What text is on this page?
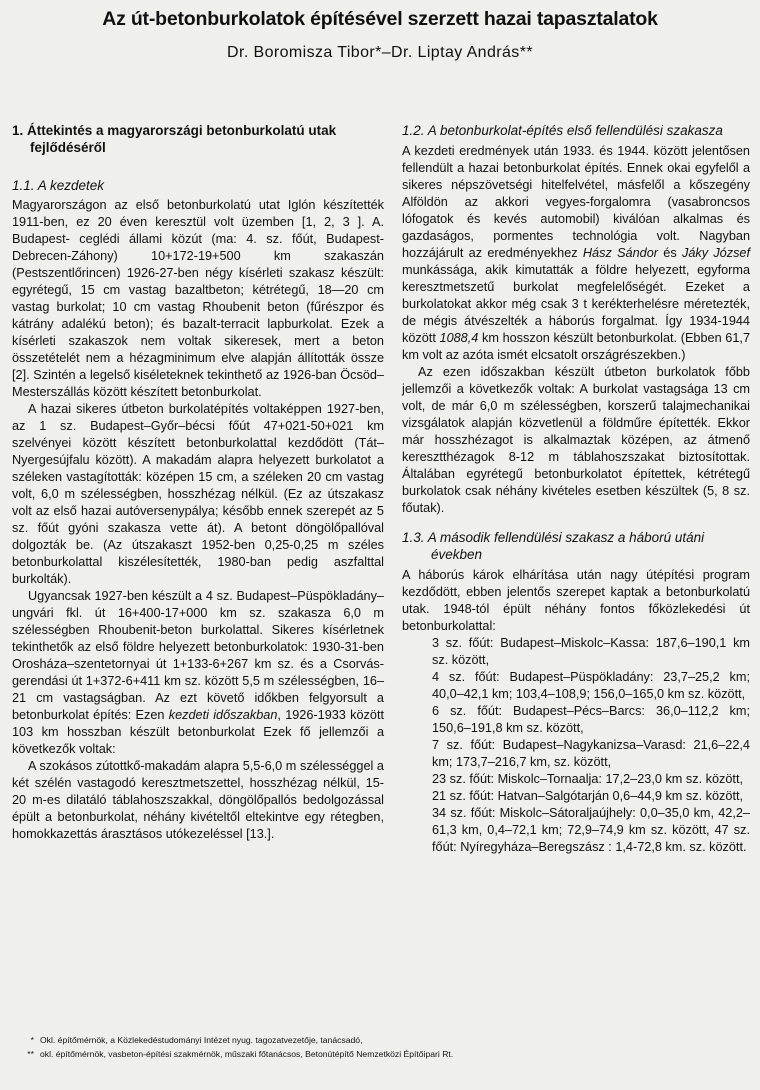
Az út-betonburkolatok építésével szerzett hazai tapasztalatok
Dr. Boromisza Tibor*–Dr. Liptay András**
1. Áttekintés a magyarországi betonburkolatú utak fejlődéséről
1.1. A kezdetek

Magyarországon az első betonburkolatú utat Iglón készítették 1911-ben, ez 20 éven keresztül volt üzemben [1, 2, 3 ]. A. Budapest- ceglédi állami közút (ma: 4. sz. főút, Budapest-Debrecen-Záhony) 10+172-19+500 km szakaszán (Pestszentlőrincen) 1926-27-ben négy kísérleti szakasz készült: egyrétegű, 15 cm vastag bazaltbeton; kétrétegű, 18—20 cm vastag burkolat; 10 cm vastag Rhoubenit beton (fűrészpor és kátrány adalékú beton); és bazalt-terracit lapburkolat. Ezek a kísérleti szakaszok nem voltak sikeresek, mert a beton összetételét nem a hézagminimum elve alapján állították össze [2]. Szintén a legelső kiséleteknek tekinthető az 1926-ban Öcsöd–Mesterszállás között készített betonburkolat.

A hazai sikeres útbeton burkolatépítés voltaképpen 1927-ben, az 1 sz. Budapest–Győr–bécsi főút 47+021-50+021 km szelvényei között készített betonburkolattal kezdődött (Tát–Nyergesújfalu között). A makadám alapra helyezett burkolatot a széleken vastagították: középen 15 cm, a széleken 20 cm vastag volt, 6,0 m szélességben, hosszhézag nélkül. (Ez az útszakasz volt az első hazai autóversenypálya; később ennek szerepét az 5 sz. főút gyóni szakasza vette át). A betont döngölőpallóval dolgozták be. (Az útszakaszt 1952-ben 0,25-0,25 m széles betonburkolattal kiszélesítették, 1980-ban pedig aszfalttal burkolták).

Ugyancsak 1927-ben készült a 4 sz. Budapest–Püspökladány–ungvári fkl. út 16+400-17+000 km sz. szakasza 6,0 m szélességben Rhoubenit-beton burkolattal. Sikeres kísérletnek tekinthetők az első földre helyezett betonburkolatok: 1930-31-ben Orosháza–szentetornyai út 1+133-6+267 km sz. és a Csorvás-gerendási út 1+372-6+411 km sz. között 5,5 m szélességben, 16–21 cm vastagságban. Az ezt követő időkben felgyorsult a betonburkolat építés: Ezen kezdeti időszakban, 1926-1933 között 103 km hosszban készült betonburkolat Ezek fő jellemzői a következők voltak:

A szokásos zútottkő-makadám alapra 5,5-6,0 m szélességgel a két szélén vastagodó keresztmetszettel, hosszhézag nélkül, 15-20 m-es dilatáló táblahoszszakkal, döngölőpallós bedolgozással épült a betonburkolat, néhány kivételtől eltekintve egy rétegben, homokkazettás árasztásos utókezeléssel [13.].

1.2. A betonburkolat-építés első fellendülési szakasza

A kezdeti eredmények után 1933. és 1944. között jelentősen fellendült a hazai betonburkolat építés. Ennek okai egyfelől a sikeres népszövetségi hitelfelvétel, másfelől a kőszegény Alföldön az akkori vegyes-forgalomra (vasabroncsos lófogatok és kevés automobil) kiválóan alkalmas és gazdaságos, pormentes technológia volt. Nagyban hozzájárult az eredményekhez Hász Sándor és Jáky József munkássága, akik kimutatták a földre helyezett, egyforma keresztmetszetű burkolat megfelelőségét. Ezeket a burkolatokat akkor még csak 3 t kerékterhelésre méretezték, de mégis átvészelték a háborús forgalmat. Így 1934-1944 között 1088,4 km hosszon készült betonburkolat. (Ebben 61,7 km volt az azóta ismét elcsatolt országrészekben.)

Az ezen időszakban készült útbeton burkolatok főbb jellemzői a következők voltak: A burkolat vastagsága 13 cm volt, de már 6,0 m szélességben, korszerű talajmechanikai vizsgálatok alapján közvetlenül a földműre építették. Ekkor már hosszhézagot is alkalmaztak középen, az átmenő keresztthézagok 8-12 m táblahoszszakat biztosítottak. Általában egyrétegű betonburkolatot építettek, kétrétegű burkolatok csak néhány kivételes esetben készültek (5, 8 sz. főutak).

1.3. A második fellendülési szakasz a háború utáni években

A háborús károk elhárítása után nagy útépítési program kezdődött, ebben jelentős szerepet kaptak a betonburkolatú utak. 1948-tól épült néhány fontos főközlekedési út betonburkolattal:

3 sz. főút: Budapest–Miskolc–Kassa: 187,6–190,1 km sz. között,

4 sz. főút: Budapest–Püspökladány: 23,7–25,2 km; 40,0–42,1 km; 103,4–108,9; 156,0–165,0 km sz. között,

6 sz. főút: Budapest–Pécs–Barcs: 36,0–112,2 km; 150,6–191,8 km sz. között,

7 sz. főút: Budapest–Nagykanizsa–Varasd: 21,6–22,4 km; 173,7–216,7 km, sz. között,

23 sz. főút: Miskolc–Tornaalja: 17,2–23,0 km sz. között,

21 sz. főút: Hatvan–Salgótarján 0,6–44,9 km sz. között,

34 sz. főút: Miskolc–Sátoraljaújhely: 0,0–35,0 km, 42,2–61,3 km, 0,4–72,1 km; 72,9–74,9 km sz. között, 47 sz. főút: Nyíregyháza–Beregszász : 1,4-72,8 km. sz. között.

* Okl. építőmérnök, a Közlekedéstudományi Intézet nyug. tagozatvezetője, tanácsadó,
** okl. építőmérnök, vasbeton-építési szakmérnök, műszaki főtanácsos, Betonútépítő Nemzetközi Építőipari Rt.
